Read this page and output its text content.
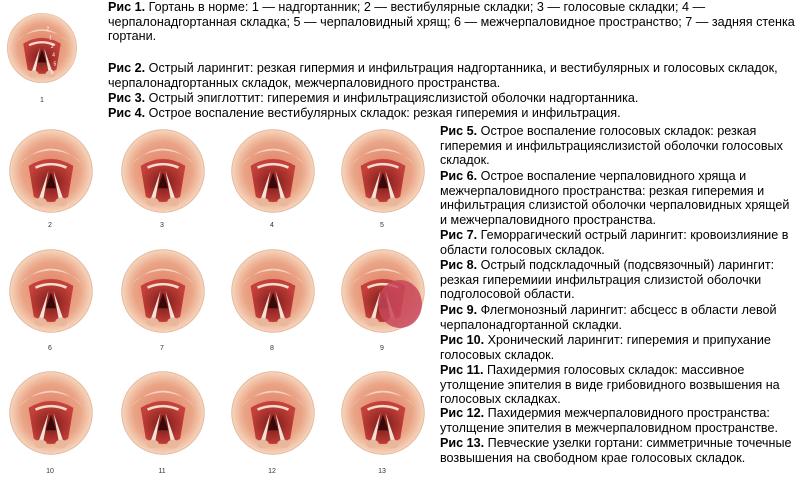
Рис 1. Гортань в норме: 1 — надгортанник; 2 — вестибулярные складки; 3 — голосовые складки; 4 — черпалонадгортанная складка; 5 — черпаловидный хрящ; 6 — межчерпаловидное пространство; 7 — задняя стенка гортани.
Рис 2. Острый ларингит: резкая гипермия и инфильтрация надгортанника, и вестибулярных и голосовых складок, черпалонадгортанных складок, межчерпаловидного пространства.
Рис 3. Острый эпиглоттит: гиперемия и инфильтрацияслизистой оболочки надгортанника.
Рис 4. Острое воспаление вестибулярных складок: резкая гиперемия и инфильтрация.
Рис 5. Острое воспаление голосовых складок: резкая гиперемия и инфильтрацияслизистой оболочки голосовых складок.
Рис 6. Острое воспаление черпаловидного хряща и межчерпаловидного пространства: резкая гиперемия и инфильтрация слизистой оболочки черпаловидных хрящей и межчерпаловидного пространства.
Рис 7. Геморрагический острый ларингит: кровоизлияние в области голосовых складок.
Рис 8. Острый подскладочный (подсвязочный) ларингит: резкая гиперемиии инфильтрация слизистой оболочки подголосовой области.
Рис 9. Флегмонозный ларингит: абсцесс в области левой черпалонадгортанной складки.
Рис 10. Хронический ларингит: гиперемия и припухание голосовых складок.
Рис 11. Пахидермия голосовых складок: массивное утолщение эпителия в виде грибовидного возвышения на голосовых складках.
Рис 12. Пахидермия межчерпаловидного пространства: утолщение эпителия в межчерпаловидном пространстве.
Рис 13. Певческие узелки гортани: симметричные точечные возвышения на свободном крае голосовых складок.
2
1
3
4
5
6
1
2	3	4	5
6	7	8	9
10	11	12	13
